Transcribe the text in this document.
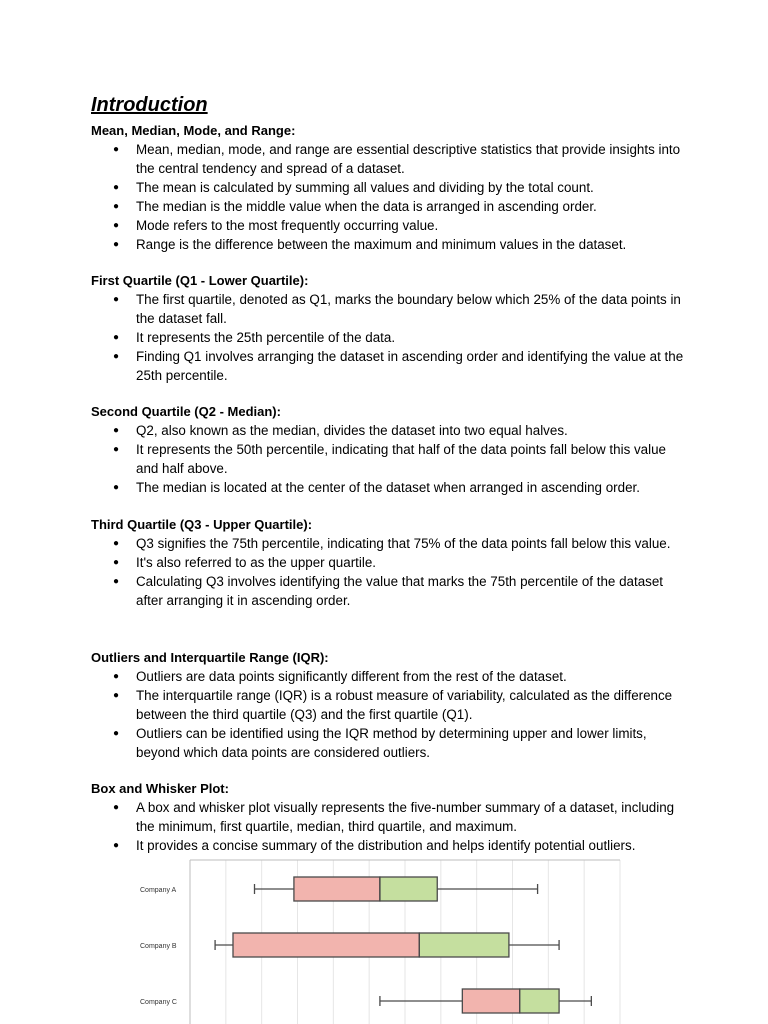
Introduction

Mean, Median, Mode, and Range:

● Mean, median, mode, and range are essential descriptive statistics that provide insights into the central tendency and spread of a dataset.
● The mean is calculated by summing all values and dividing by the total count.
● The median is the middle value when the data is arranged in ascending order.
● Mode refers to the most frequently occurring value.
● Range is the difference between the maximum and minimum values in the dataset.

First Quartile (Q1 - Lower Quartile):

● The first quartile, denoted as Q1, marks the boundary below which 25% of the data points in the dataset fall.
● It represents the 25th percentile of the data.
● Finding Q1 involves arranging the dataset in ascending order and identifying the value at the 25th percentile.

Second Quartile (Q2 - Median):

● Q2, also known as the median, divides the dataset into two equal halves.
● It represents the 50th percentile, indicating that half of the data points fall below this value and half above.
● The median is located at the center of the dataset when arranged in ascending order.

Third Quartile (Q3 - Upper Quartile):

● Q3 signifies the 75th percentile, indicating that 75% of the data points fall below this value.
● It's also referred to as the upper quartile.
● Calculating Q3 involves identifying the value that marks the 75th percentile of the dataset after arranging it in ascending order.

Outliers and Interquartile Range (IQR):

● Outliers are data points significantly different from the rest of the dataset.
● The interquartile range (IQR) is a robust measure of variability, calculated as the difference between the third quartile (Q3) and the first quartile (Q1).
● Outliers can be identified using the IQR method by determining upper and lower limits, beyond which data points are considered outliers.

Box and Whisker Plot:

● A box and whisker plot visually represents the five-number summary of a dataset, including the minimum, first quartile, median, third quartile, and maximum.
● It provides a concise summary of the distribution and helps identify potential outliers.
Company A
Company B
Company C
